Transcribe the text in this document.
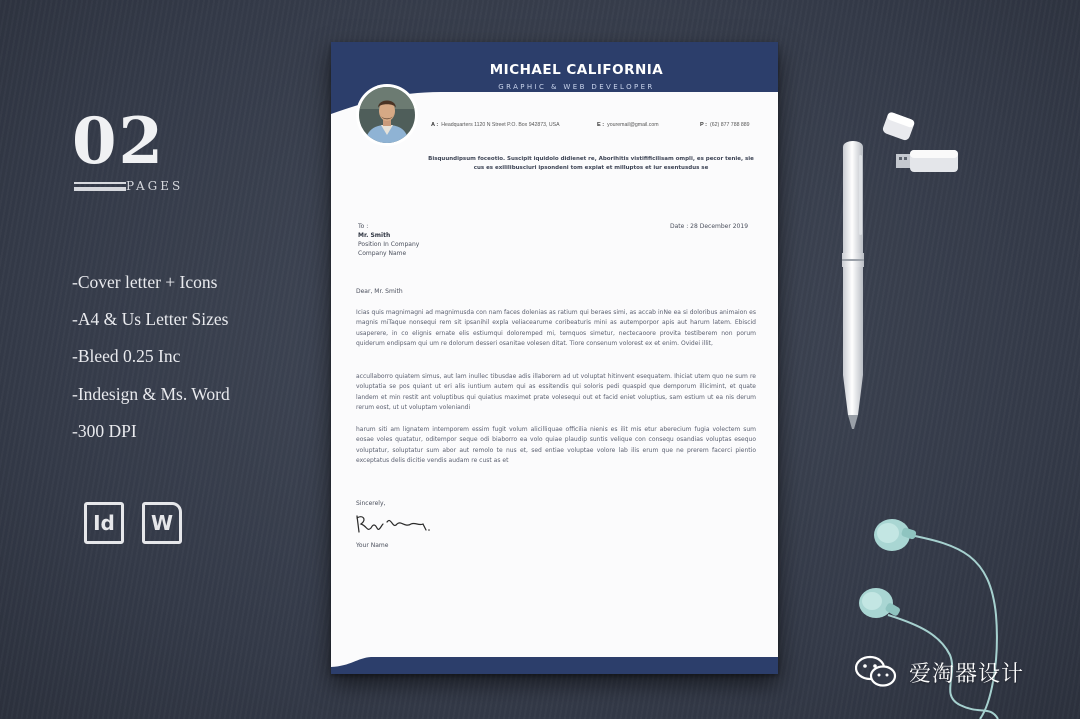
02
PAGES
-Cover letter + Icons
-A4 & Us Letter Sizes
-Bleed 0.25 Inc
-Indesign & Ms. Word
-300 DPI
Id	W
MICHAEL CALIFORNIA
GRAPHIC & WEB DEVELOPER
A : Headquarters 1120 N Street P.O. Box 942873, USA	E : youremail@gmail.com	P : (62) 877 788 889
Bisquundipsum foceotio. Suscipit iquidolo didienet re, Aborihitis vistifificilisam ompli, es pecor tenie, sie cus es exililibusciuri ipsondeni tom expiat et milluptos et iur esentusdus se
To :
Mr. Smith
Position In Company
Company Name
Date : 28 December 2019
Dear, Mr. Smith

Icias quis magnimagni ad magnimusda con nam faces dolenias as ratium qui beraes simi, as accab inNe ea si doloribus animaion es magnis miTaque nonsequi rem sit ipsanihil expla veliacearume coribeaturis mini as autemporpor apis aut harum latem. Ebiscid usaperere, in co elignis ernate elis estiumqui doloremped mi, temquos simetur, nectecaoore provita testiberem non porum quiderum endipsam qui um re dolorum desseri osanitae volesen ditat. Tiore consenum volorest ex et enim. Ovidei illit,

accullaborro quiatem simus, aut lam inullec tibusdae adis illaborem ad ut voluptat hitinvent esequatem. Ihiciat utem quo ne sum re voluptatia se pos quiant ut eri alis iuntium autem qui as essitendis qui soloris pedi quaspid que demporum illicimint, et quate landem et min restit ant voluptibus qui quiatius maximet prate volesequi out et facid eniet voluptius, sam estium ut ea nis derum rerum eost, ut ut voluptam voleniandi

harum siti am lignatem intemporem essim fugit volum alicilliquae officilia nienis es ilit mis etur aberecium fugia volectem sum eosae voles quatatur, oditempor seque odi biaborro ea volo quiae plaudip suntis velique con consequ osandias voluptas esequo voluptatur, soluptatur sum abor aut remolo te nus et, sed entiae voluptae volore lab ilis erum que ne prerem facerci pientio exceptatus delis dicitie vendis audam re cust as et

Sincerely,
Your Name
爱淘器设计
